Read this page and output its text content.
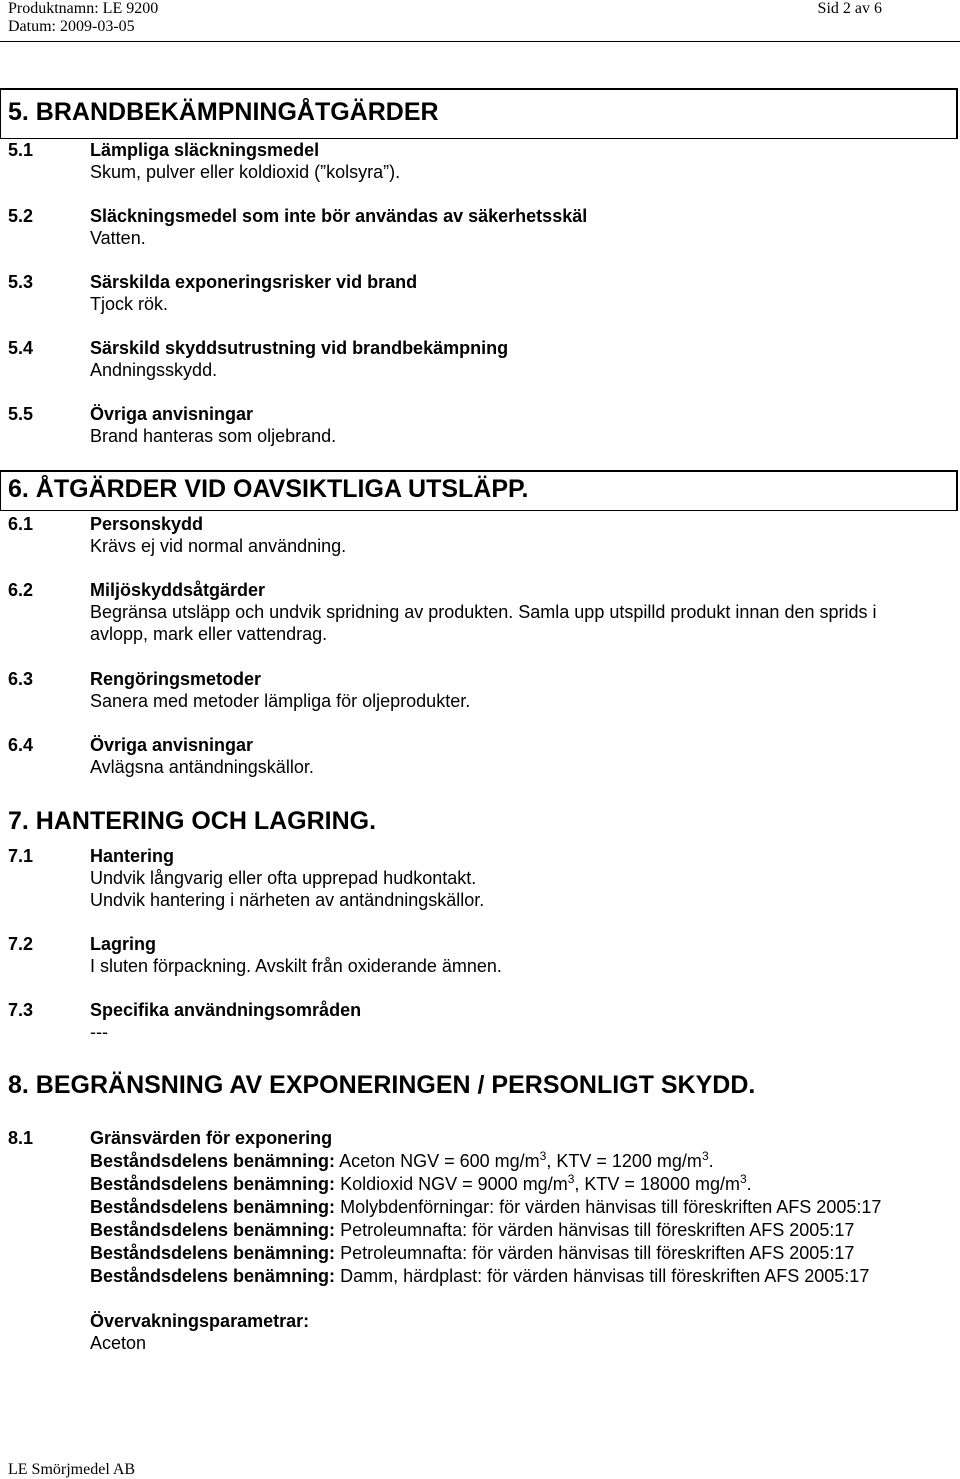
Produktnamn: LE 9200
Datum: 2009-03-05
Sid 2 av 6
5. BRANDBEKÄMPNINGÅTGÄRDER
5.1	Lämpliga släckningsmedel
Skum, pulver eller koldioxid (”kolsyra”).
5.2	Släckningsmedel som inte bör användas av säkerhetsskäl
Vatten.
5.3	Särskilda exponeringsrisker vid brand
Tjock rök.
5.4	Särskild skyddsutrustning vid brandbekämpning
Andningsskydd.
5.5	Övriga anvisningar
Brand hanteras som oljebrand.
6. ÅTGÄRDER VID OAVSIKTLIGA UTSLÄPP.
6.1	Personskydd
Krävs ej vid normal användning.
6.2	Miljöskyddsåtgärder
Begränsa utsläpp och undvik spridning av produkten. Samla upp utspilld produkt innan den sprids i
avlopp, mark eller vattendrag.
6.3	Rengöringsmetoder
Sanera med metoder lämpliga för oljeprodukter.
6.4	Övriga anvisningar
Avlägsna antändningskällor.
7. HANTERING OCH LAGRING.
7.1	Hantering
Undvik långvarig eller ofta upprepad hudkontakt.
Undvik hantering i närheten av antändningskällor.
7.2	Lagring
I sluten förpackning. Avskilt från oxiderande ämnen.
7.3	Specifika användningsområden
---
8. BEGRÄNSNING AV EXPONERINGEN / PERSONLIGT SKYDD.
8.1	Gränsvärden för exponering
Beståndsdelens benämning: Aceton NGV = 600 $mg/m^3$, KTV = 1200 $mg/m^3$.
Beståndsdelens benämning: Koldioxid NGV = 9000 $mg/m^3$, KTV = 18000 $mg/m^3$.
Beståndsdelens benämning: Molybdenförningar: för värden hänvisas till föreskriften AFS 2005:17
Beståndsdelens benämning: Petroleumnafta: för värden hänvisas till föreskriften AFS 2005:17
Beståndsdelens benämning: Petroleumnafta: för värden hänvisas till föreskriften AFS 2005:17
Beståndsdelens benämning: Damm, härdplast: för värden hänvisas till föreskriften AFS 2005:17
Övervakningsparametrar:
Aceton
LE Smörjmedel AB
